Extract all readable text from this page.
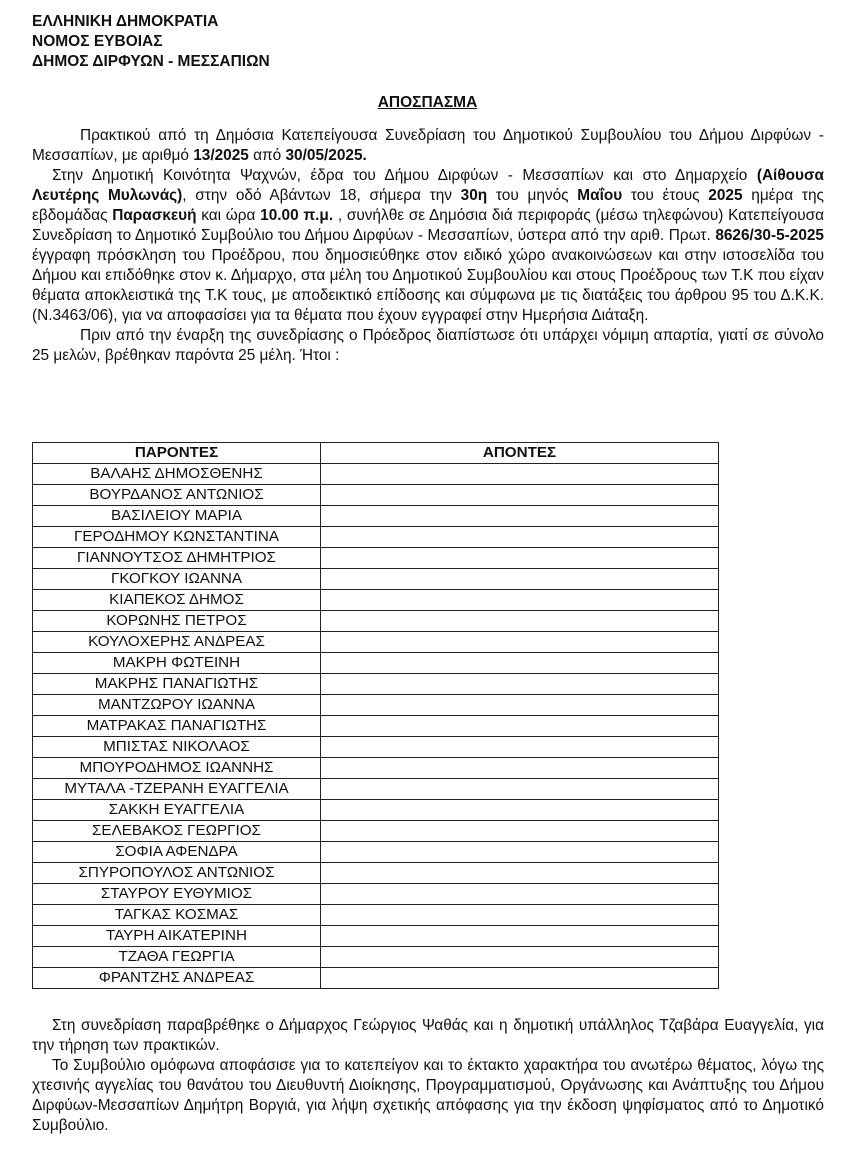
ΕΛΛΗΝΙΚΗ ΔΗΜΟΚΡΑΤΙΑ
ΝΟΜΟΣ ΕΥΒΟΙΑΣ
ΔΗΜΟΣ ΔΙΡΦΥΩΝ - ΜΕΣΣΑΠΙΩΝ
ΑΠΟΣΠΑΣΜΑ

Πρακτικού από τη Δημόσια Κατεπείγουσα Συνεδρίαση του Δημοτικού Συμβουλίου του Δήμου Διρφύων - Μεσσαπίων, με αριθμό 13/2025 από 30/05/2025.

Στην Δημοτική Κοινότητα Ψαχνών, έδρα του Δήμου Διρφύων - Μεσσαπίων και στο Δημαρχείο (Αίθουσα Λευτέρης Μυλωνάς), στην οδό Αβάντων 18, σήμερα την 30η του μηνός Μαΐου του έτους 2025 ημέρα της εβδομάδας Παρασκευή και ώρα 10.00 π.μ. , συνήλθε σε Δημόσια διά περιφοράς (μέσω τηλεφώνου) Κατεπείγουσα Συνεδρίαση το Δημοτικό Συμβούλιο του Δήμου Διρφύων - Μεσσαπίων, ύστερα από την αριθ. Πρωτ. 8626/30-5-2025 έγγραφη πρόσκληση του Προέδρου, που δημοσιεύθηκε στον ειδικό χώρο ανακοινώσεων και στην ιστοσελίδα του Δήμου και επιδόθηκε στον κ. Δήμαρχο, στα μέλη του Δημοτικού Συμβουλίου και στους Προέδρους των Τ.Κ που είχαν θέματα αποκλειστικά της Τ.Κ τους, με αποδεικτικό επίδοσης και σύμφωνα με τις διατάξεις του άρθρου 95 του Δ.Κ.Κ. (Ν.3463/06), για να αποφασίσει για τα θέματα που έχουν εγγραφεί στην Ημερήσια Διάταξη.

Πριν από την έναρξη της συνεδρίασης ο Πρόεδρος διαπίστωσε ότι υπάρχει νόμιμη απαρτία, γιατί σε σύνολο 25 μελών, βρέθηκαν παρόντα 25 μέλη. Ήτοι :

ΠΑΡΟΝΤΕΣ	ΑΠΟΝΤΕΣ
ΒΑΛΑΗΣ ΔΗΜΟΣΘΕΝΗΣ	
ΒΟΥΡΔΑΝΟΣ ΑΝΤΩΝΙΟΣ	
ΒΑΣΙΛΕΙΟΥ ΜΑΡΙΑ	
ΓΕΡΟΔΗΜΟΥ ΚΩΝΣΤΑΝΤΙΝΑ	
ΓΙΑΝΝΟΥΤΣΟΣ ΔΗΜΗΤΡΙΟΣ	
ΓΚΟΓΚΟΥ ΙΩΑΝΝΑ	
ΚΙΑΠΕΚΟΣ ΔΗΜΟΣ	
ΚΟΡΩΝΗΣ ΠΕΤΡΟΣ	
ΚΟΥΛΟΧΕΡΗΣ ΑΝΔΡΕΑΣ	
ΜΑΚΡΗ ΦΩΤΕΙΝΗ	
ΜΑΚΡΗΣ ΠΑΝΑΓΙΩΤΗΣ	
ΜΑΝΤΖΩΡΟΥ ΙΩΑΝΝΑ	
ΜΑΤΡΑΚΑΣ ΠΑΝΑΓΙΩΤΗΣ	
ΜΠΙΣΤΑΣ ΝΙΚΟΛΑΟΣ	
ΜΠΟΥΡΟΔΗΜΟΣ ΙΩΑΝΝΗΣ	
ΜΥΤΑΛΑ -ΤΖΕΡΑΝΗ ΕΥΑΓΓΕΛΙΑ	
ΣΑΚΚΗ ΕΥΑΓΓΕΛΙΑ	
ΣΕΛΕΒΑΚΟΣ ΓΕΩΡΓΙΟΣ	
ΣΟΦΙΑ ΑΦΕΝΔΡΑ	
ΣΠΥΡΟΠΟΥΛΟΣ ΑΝΤΩΝΙΟΣ	
ΣΤΑΥΡΟΥ ΕΥΘΥΜΙΟΣ	
ΤΑΓΚΑΣ ΚΟΣΜΑΣ	
ΤΑΥΡΗ ΑΙΚΑΤΕΡΙΝΗ	
ΤΖΑΘΑ ΓΕΩΡΓΙΑ	
ΦΡΑΝΤΖΗΣ ΑΝΔΡΕΑΣ	

Στη συνεδρίαση παραβρέθηκε ο Δήμαρχος Γεώργιος Ψαθάς και η δημοτική υπάλληλος Τζαβάρα Ευαγγελία, για την τήρηση των πρακτικών.

Το Συμβούλιο ομόφωνα αποφάσισε για το κατεπείγον και το έκτακτο χαρακτήρα του ανωτέρω θέματος, λόγω της χτεσινής αγγελίας του θανάτου του Διευθυντή Διοίκησης, Προγραμματισμού, Οργάνωσης και Ανάπτυξης του Δήμου Διρφύων-Μεσσαπίων Δημήτρη Βοργιά, για λήψη σχετικής απόφασης για την έκδοση ψηφίσματος από το Δημοτικό Συμβούλιο.
